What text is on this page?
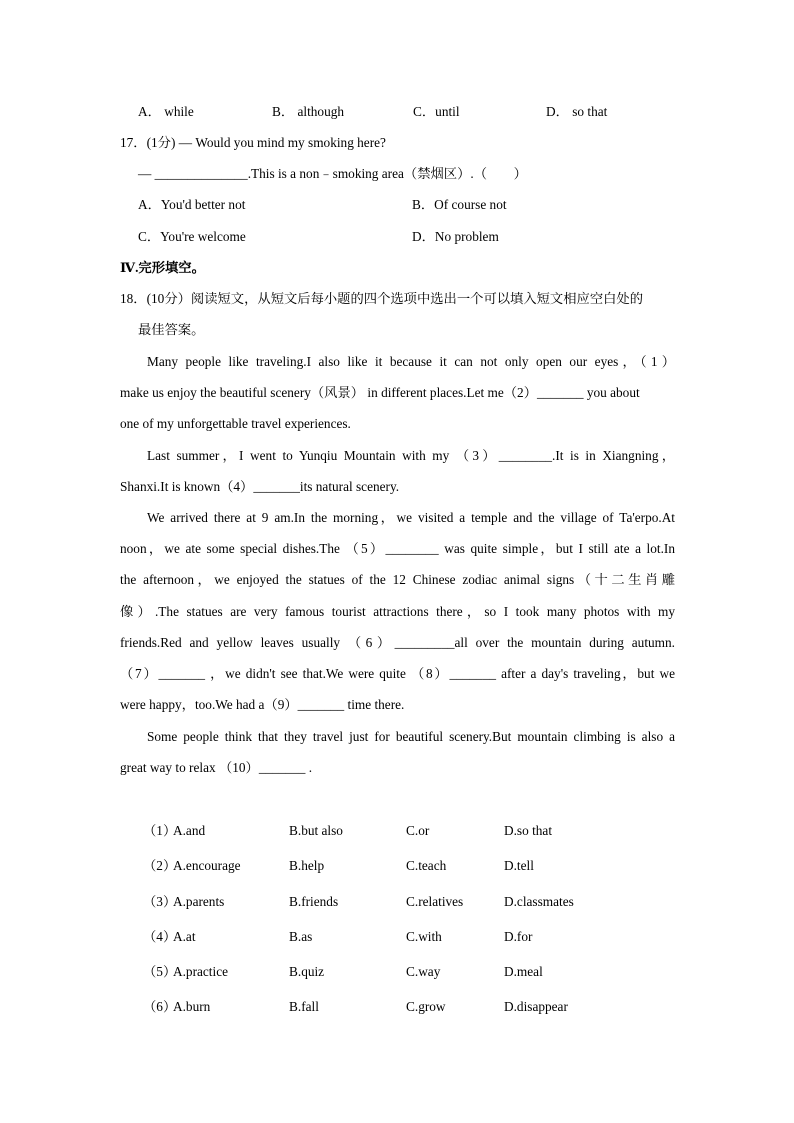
A． while	B． although	C．until	D． so that
17．(1分) — Would you mind my smoking here?
— ______________.This is a non﹣smoking area（禁烟区）.（　　）
A．You'd better not	B．Of course not
C．You're welcome	D．No problem
Ⅳ.完形填空。
18．(10分）阅读短文，从短文后每小题的四个选项中选出一个可以填入短文相应空白处的
最佳答案。
Many people like traveling.I also like it because it can not only open our eyes，（1）
make us enjoy the beautiful scenery（风景） in different places.Let me（2）_______ you about
one of my unforgettable travel experiences.
Last summer，I went to Yunqiu Mountain with my （3）________.It is in Xiangning，
Shanxi.It is known（4）_______its natural scenery.
We arrived there at 9 am.In the morning，we visited a temple and the village of Ta'erpo.At
noon，we ate some special dishes.The （5）________ was quite simple，but I still ate a lot.In
the afternoon，we enjoyed the statues of the 12 Chinese zodiac animal signs（十二生肖雕
像）.The statues are very famous tourist attractions there，so I took many photos with my
friends.Red and yellow leaves usually （6）_________all over the mountain during autumn.
（7）_______ ，we didn't see that.We were quite （8）_______ after a day's traveling，but we
were happy，too.We had a（9）_______ time there.
Some people think that they travel just for beautiful scenery.But mountain climbing is also a
great way to relax （10）_______ .
（1）
A.and	B.but also	C.or	D.so that
（2）
A.encourage	B.help	C.teach	D.tell
（3）
A.parents	B.friends	C.relatives	D.classmates
（4）
A.at	B.as	C.with	D.for
（5）
A.practice	B.quiz	C.way	D.meal
（6）
A.burn	B.fall	C.grow	D.disappear
